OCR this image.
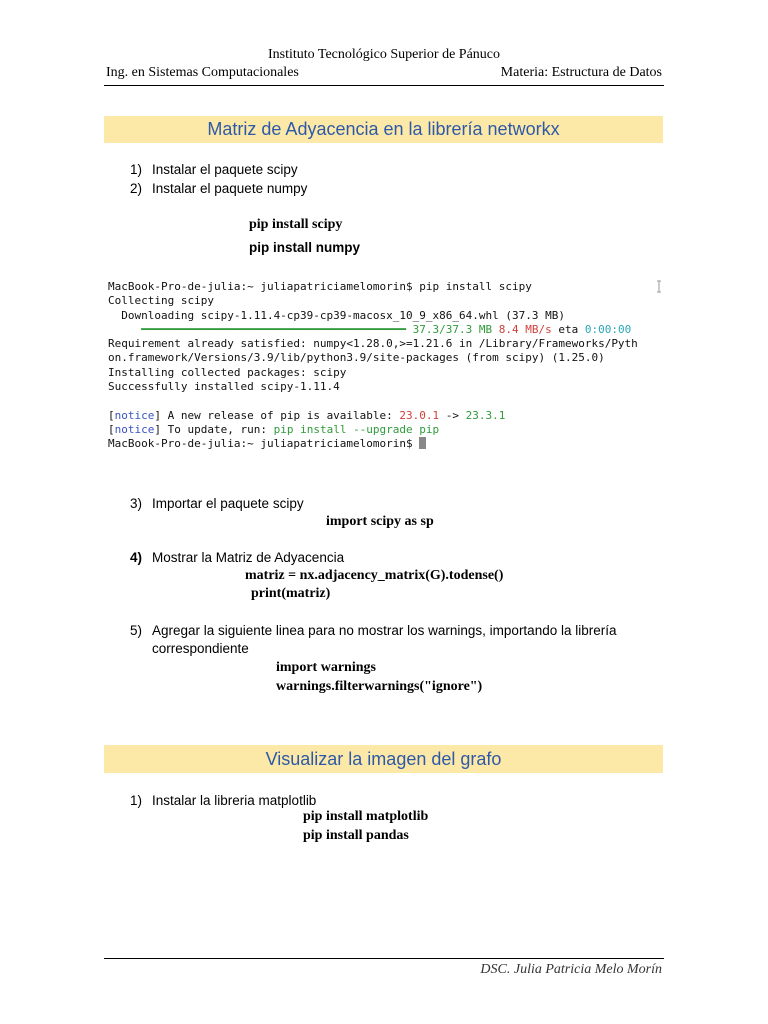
Instituto Tecnológico Superior de Pánuco
Ing. en Sistemas Computacionales	Materia: Estructura de Datos
Matriz de Adyacencia en la librería networkx
1) Instalar el paquete scipy
2) Instalar el paquete numpy
pip install scipy
pip install numpy
MacBook-Pro-de-julia:~ juliapatriciamelomorin$ pip install scipy
Collecting scipy
Downloading scipy-1.11.4-cp39-cp39-macosx_10_9_x86_64.whl (37.3 MB)
━━━━━━━━━━━━━━━━━━━━━━━━━━━━━━━━━━━━━━━━ 37.3/37.3 MB 8.4 MB/s eta 0:00:00
Requirement already satisfied: numpy<1.28.0,>=1.21.6 in /Library/Frameworks/Pyth
on.framework/Versions/3.9/lib/python3.9/site-packages (from scipy) (1.25.0)
Installing collected packages: scipy
Successfully installed scipy-1.11.4
[notice] A new release of pip is available: 23.0.1 -> 23.3.1
[notice] To update, run: pip install --upgrade pip
MacBook-Pro-de-julia:~ juliapatriciamelomorin$
3) Importar el paquete scipy
import scipy as sp
4) Mostrar la Matriz de Adyacencia
matriz = nx.adjacency_matrix(G).todense()
print(matriz)
5) Agregar la siguiente linea para no mostrar los warnings, importando la librería
correspondiente
import warnings
warnings.filterwarnings("ignore")
Visualizar la imagen del grafo
1) Instalar la libreria matplotlib
pip install matplotlib
pip install pandas
DSC. Julia Patricia Melo Morín
